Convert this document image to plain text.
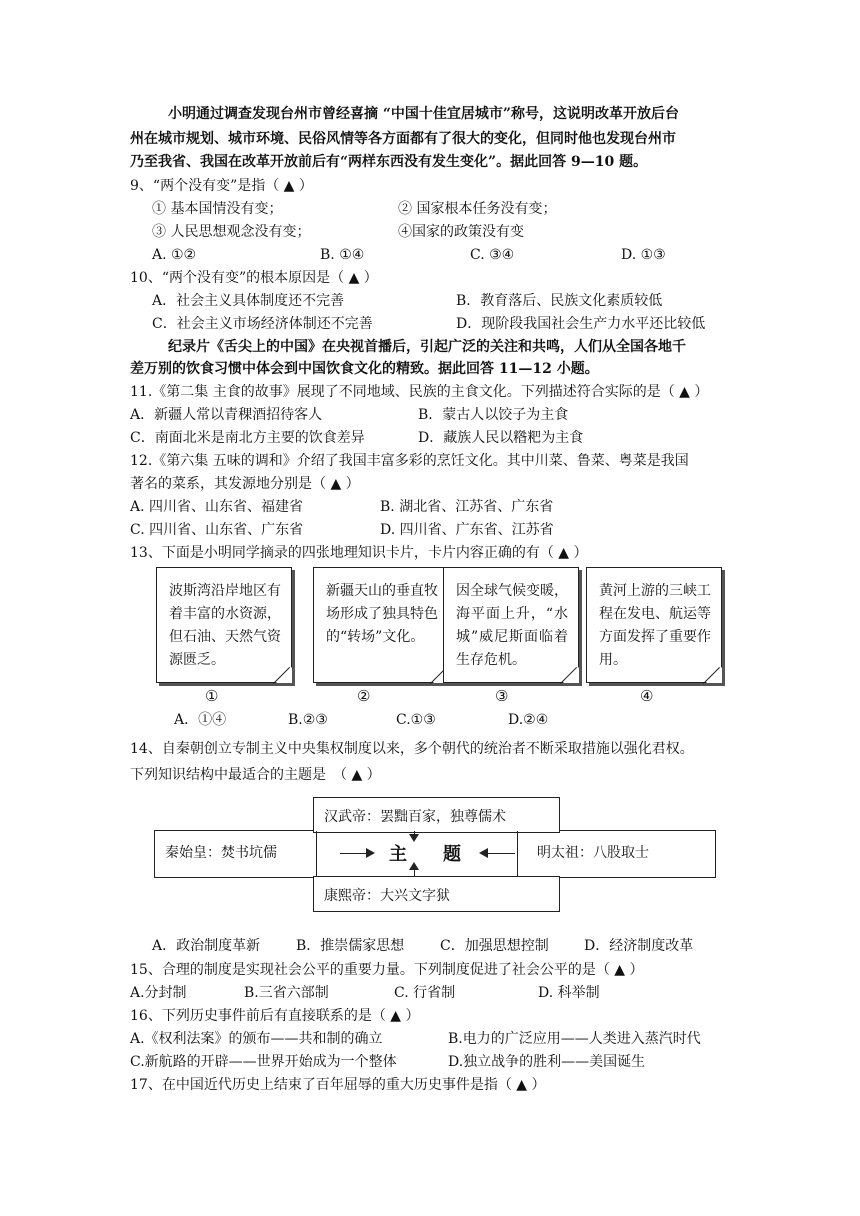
　　小明通过调查发现台州市曾经喜摘 “中国十佳宜居城市”称号，这说明改革开放后台
州在城市规划、城市环境、民俗风情等各方面都有了很大的变化，但同时他也发现台州市
乃至我省、我国在改革开放前后有“两样东西没有发生变化”。据此回答 9—10 题。
9、“两个没有变”是指（ ▲ ）
① 基本国情没有变；	② 国家根本任务没有变；
③ 人民思想观念没有变；	④国家的政策没有变
A. ①②	B. ①④	C. ③④	D. ①③
10、“两个没有变”的根本原因是（ ▲ ）
A．社会主义具体制度还不完善	B．教育落后、民族文化素质较低
C．社会主义市场经济体制还不完善	D．现阶段我国社会生产力水平还比较低
　　纪录片《舌尖上的中国》在央视首播后，引起广泛的关注和共鸣，人们从全国各地千
差万别的饮食习惯中体会到中国饮食文化的精致。据此回答 11—12 小题。
11.《第二集 主食的故事》展现了不同地域、民族的主食文化。下列描述符合实际的是（ ▲ ）
A．新疆人常以青稞酒招待客人	B．蒙古人以饺子为主食
C．南面北米是南北方主要的饮食差异	D．藏族人民以糌粑为主食
12.《第六集 五味的调和》介绍了我国丰富多彩的烹饪文化。其中川菜、鲁菜、粤菜是我国
著名的菜系，其发源地分别是（ ▲ ）
A. 四川省、山东省、福建省	B. 湖北省、江苏省、广东省
C. 四川省、山东省、广东省	D. 四川省、广东省、江苏省
13、下面是小明同学摘录的四张地理知识卡片，卡片内容正确的有（ ▲ ）
波斯湾沿岸地区有着丰富的水资源，但石油、天然气资源匮乏。
新疆天山的垂直牧场形成了独具特色的“转场”文化。
因全球气候变暖，海平面上升，“水城”威尼斯面临着生存危机。
黄河上游的三峡工程在发电、航运等方面发挥了重要作用。
①	②	③	④
A．①④	B.②③	C.①③	D.②④
14、自秦朝创立专制主义中央集权制度以来，多个朝代的统治者不断采取措施以强化君权。
下列知识结构中最适合的主题是　（ ▲ ）
汉武帝：罢黜百家，独尊儒术
康熙帝：大兴文字狱
秦始皇：焚书坑儒	明太祖：八股取士
主　　题
A．政治制度革新	B．推崇儒家思想	C．加强思想控制	D．经济制度改革
15、合理的制度是实现社会公平的重要力量。下列制度促进了社会公平的是（ ▲ ）
A.分封制	B.三省六部制	C. 行省制	D. 科举制
16、下列历史事件前后有直接联系的是（ ▲ ）
A.《权利法案》的颁布——共和制的确立	B.电力的广泛应用——人类进入蒸汽时代
C.新航路的开辟——世界开始成为一个整体	D.独立战争的胜利——美国诞生
17、在中国近代历史上结束了百年屈辱的重大历史事件是指（ ▲ ）
